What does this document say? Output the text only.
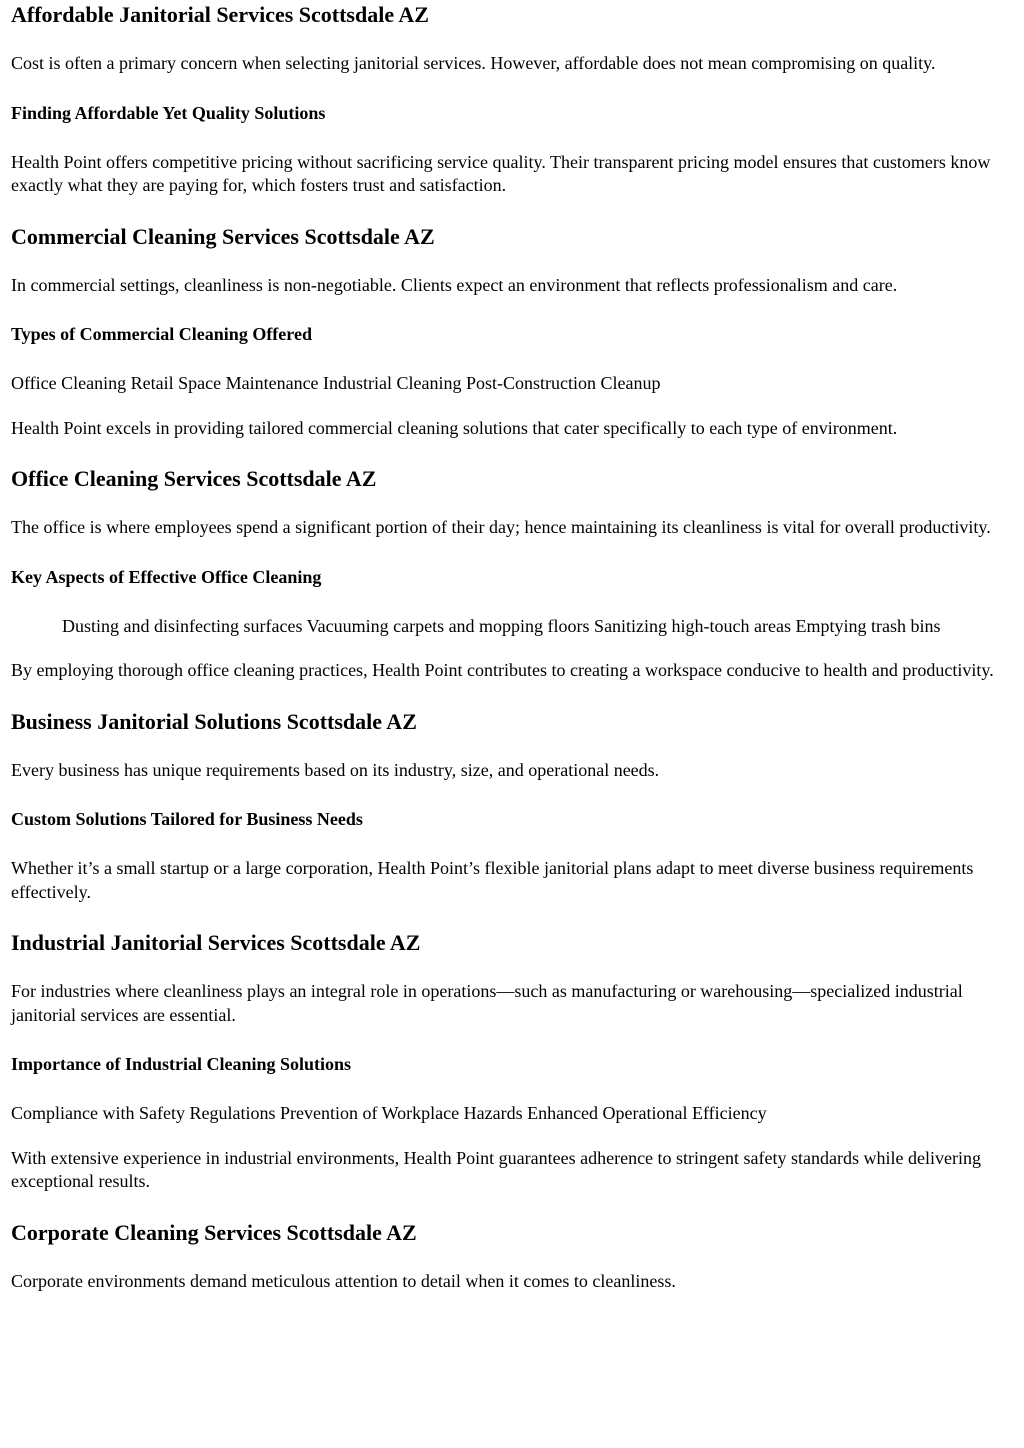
Affordable Janitorial Services Scottsdale AZ

Cost is often a primary concern when selecting janitorial services. However, affordable does not mean compromising on quality.

Finding Affordable Yet Quality Solutions

Health Point offers competitive pricing without sacrificing service quality. Their transparent pricing model ensures that customers know exactly what they are paying for, which fosters trust and satisfaction.

Commercial Cleaning Services Scottsdale AZ

In commercial settings, cleanliness is non-negotiable. Clients expect an environment that reflects professionalism and care.

Types of Commercial Cleaning Offered

Office Cleaning Retail Space Maintenance Industrial Cleaning Post-Construction Cleanup

Health Point excels in providing tailored commercial cleaning solutions that cater specifically to each type of environment.

Office Cleaning Services Scottsdale AZ

The office is where employees spend a significant portion of their day; hence maintaining its cleanliness is vital for overall productivity.

Key Aspects of Effective Office Cleaning

Dusting and disinfecting surfaces Vacuuming carpets and mopping floors Sanitizing high-touch areas Emptying trash bins

By employing thorough office cleaning practices, Health Point contributes to creating a workspace conducive to health and productivity.

Business Janitorial Solutions Scottsdale AZ

Every business has unique requirements based on its industry, size, and operational needs.

Custom Solutions Tailored for Business Needs

Whether it’s a small startup or a large corporation, Health Point’s flexible janitorial plans adapt to meet diverse business requirements effectively.

Industrial Janitorial Services Scottsdale AZ

For industries where cleanliness plays an integral role in operations—such as manufacturing or warehousing—specialized industrial janitorial services are essential.

Importance of Industrial Cleaning Solutions

Compliance with Safety Regulations Prevention of Workplace Hazards Enhanced Operational Efficiency

With extensive experience in industrial environments, Health Point guarantees adherence to stringent safety standards while delivering exceptional results.

Corporate Cleaning Services Scottsdale AZ

Corporate environments demand meticulous attention to detail when it comes to cleanliness.
